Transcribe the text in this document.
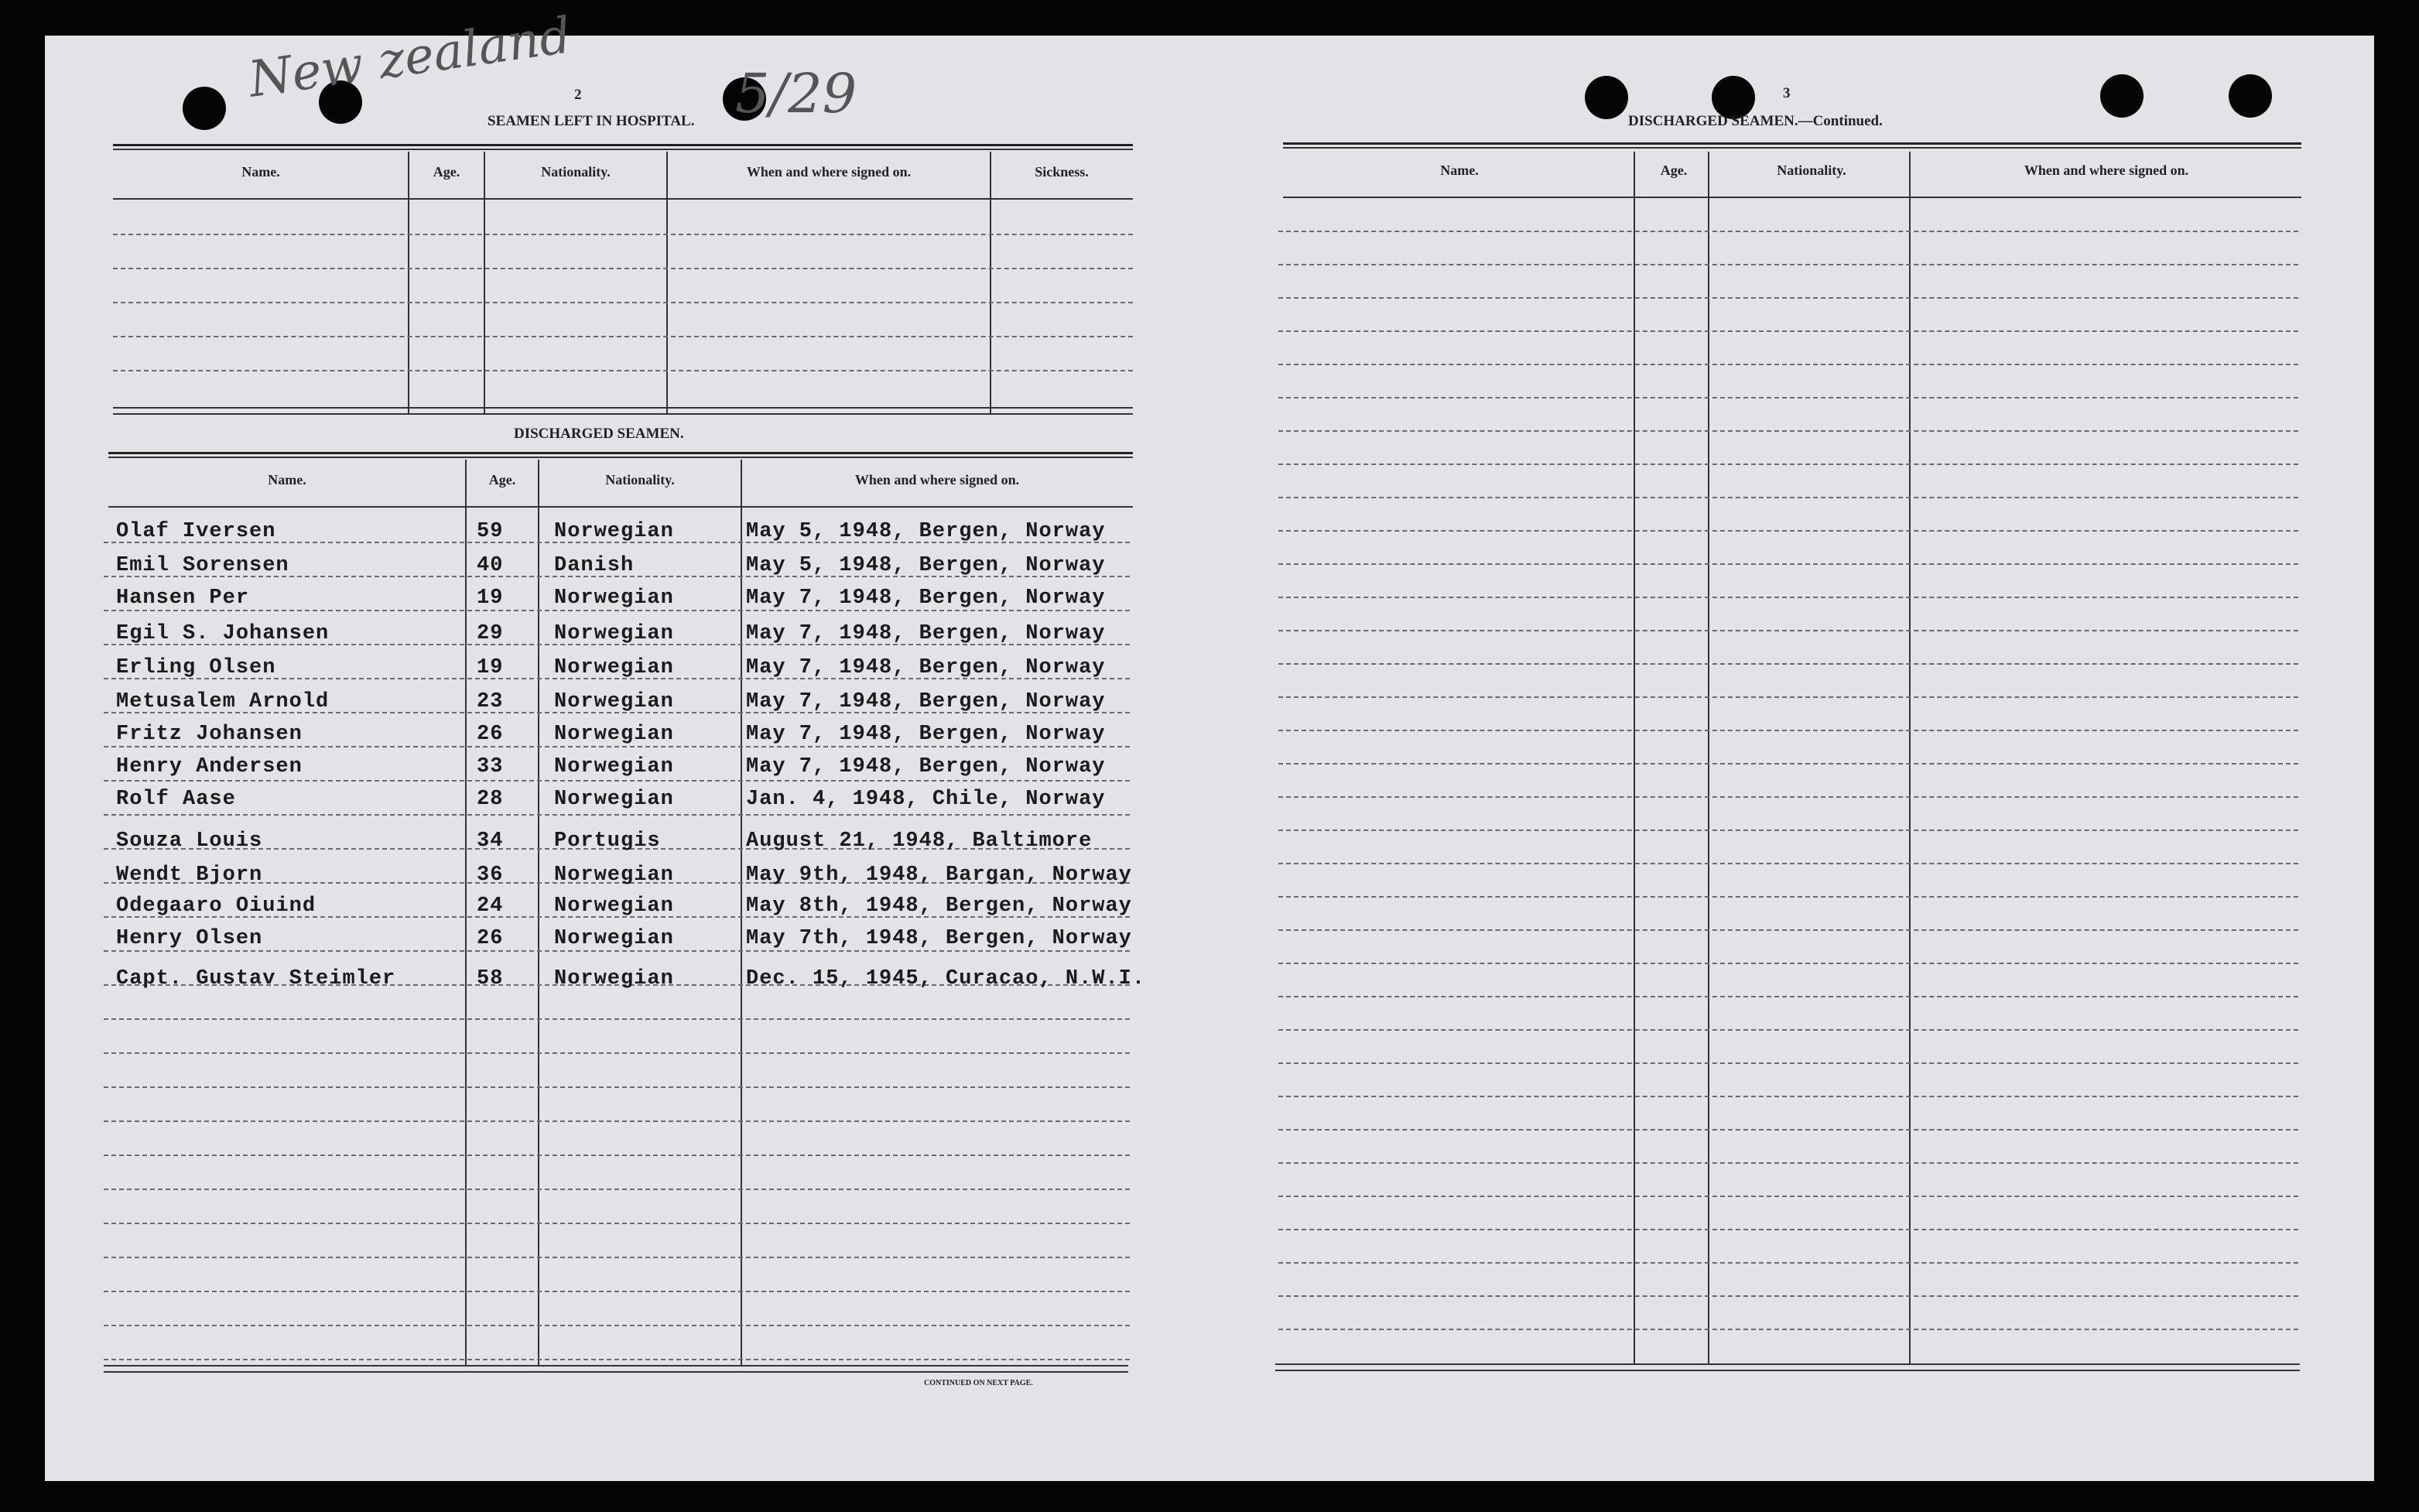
New zealand	5/29
2
SEAMEN LEFT IN HOSPITAL.
Name.	Age.	Nationality.	When and where signed on.	Sickness.
DISCHARGED SEAMEN.
Name.	Age.	Nationality.	When and where signed on.
Olaf Iversen	59 Norwegian	May 5, 1948, Bergen, Norway
Emil Sorensen	40 Danish	May 5, 1948, Bergen, Norway
Hansen Per	19 Norwegian	May 7, 1948, Bergen, Norway
Egil S. Johansen	29 Norwegian	May 7, 1948, Bergen, Norway
Erling Olsen	19 Norwegian	May 7, 1948, Bergen, Norway
Metusalem Arnold	23 Norwegian	May 7, 1948, Bergen, Norway
Fritz Johansen	26 Norwegian	May 7, 1948, Bergen, Norway
Henry Andersen	33 Norwegian	May 7, 1948, Bergen, Norway
Rolf Aase	28 Norwegian	Jan. 4, 1948, Chile, Norway
Souza Louis	34 Portugis	August 21, 1948, Baltimore
Wendt Bjorn	36 Norwegian	May 9th, 1948, Bargan, Norway
Odegaaro Oiuind	24 Norwegian	May 8th, 1948, Bergen, Norway
Henry Olsen	26 Norwegian	May 7th, 1948, Bergen, Norway
Capt. Gustav Steimler	58 Norwegian	Dec. 15, 1945, Curacao, N.W.I.
CONTINUED ON NEXT PAGE.
3
DISCHARGED SEAMEN.—Continued.
Name.	Age.	Nationality.	When and where signed on.
